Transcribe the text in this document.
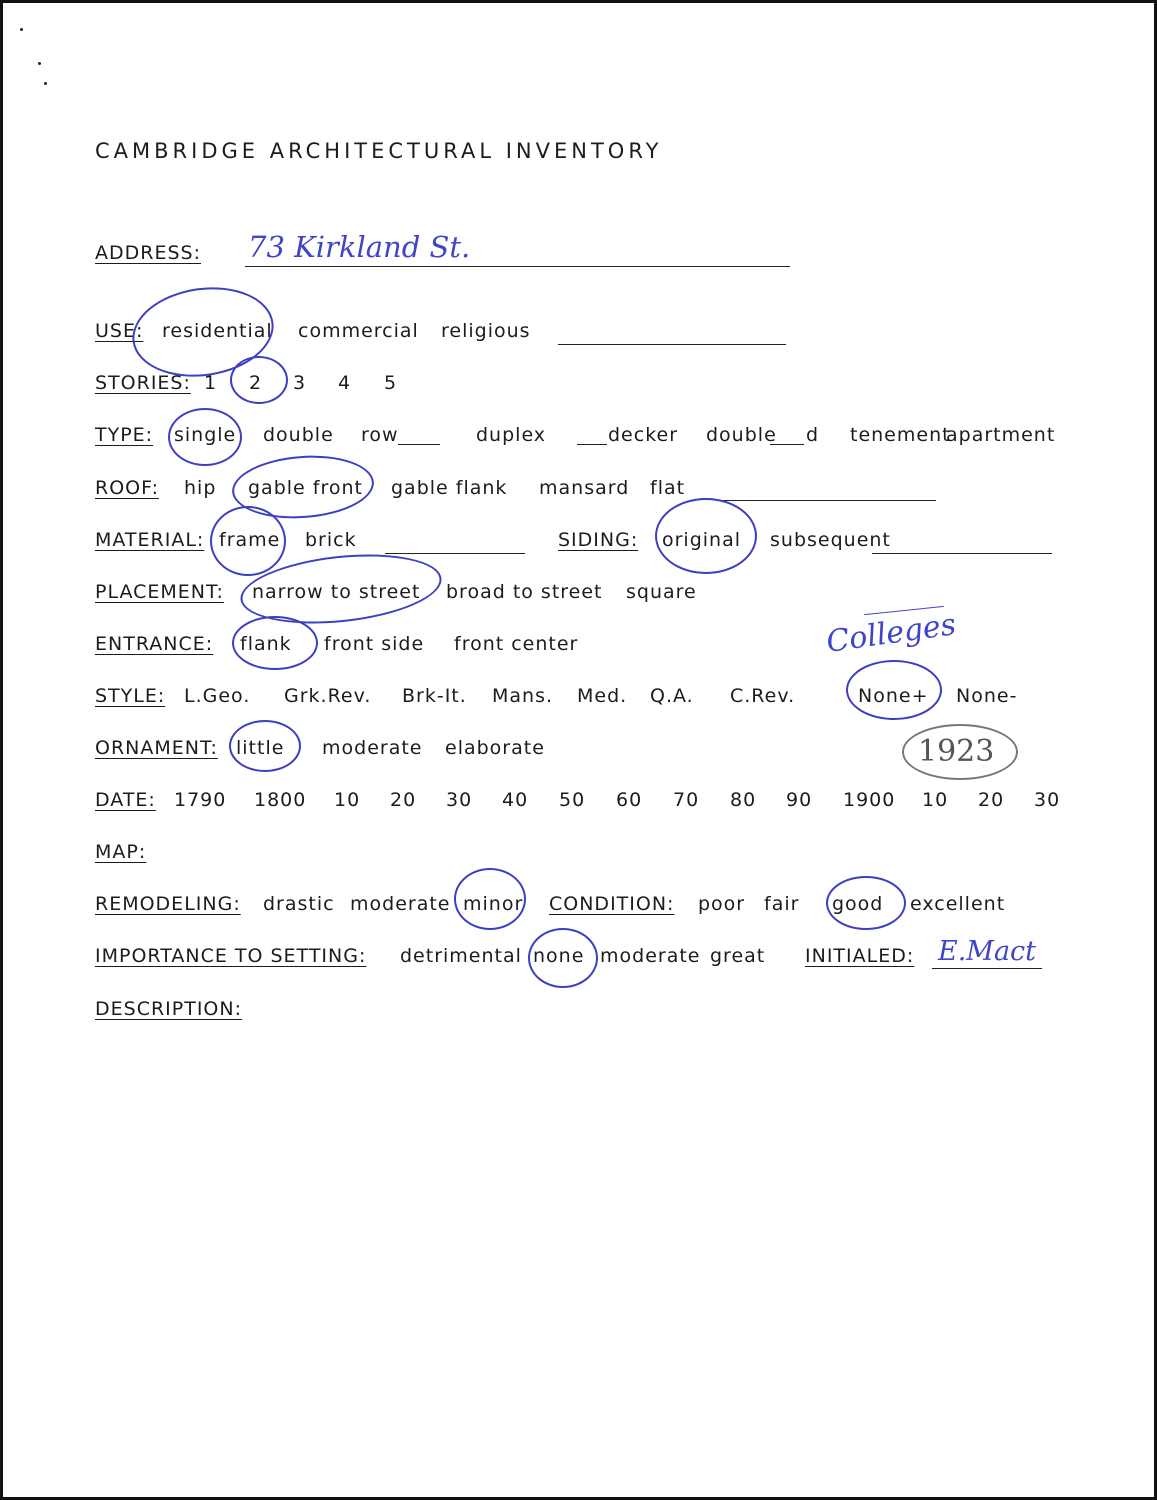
CAMBRIDGE ARCHITECTURAL INVENTORY
ADDRESS: 73 Kirkland St.
USE: residential commercial religious
STORIES: 1 2 3 4 5
TYPE: single double row	duplex	decker double d tenement
apartment
ROOF: hip gable front gable flank mansard flat
MATERIAL: frame brick	SIDING: original subsequent
PLACEMENT: narrow to street broad to street square
ENTRANCE: flank front side front center	Colleges
STYLE: L.Geo. Grk.Rev. Brk-It. Mans. Med. Q.A. C.Rev.	None+ None-
ORNAMENT: little moderate elaborate	1923
DATE: 1790 1800 10 20 30 40 50 60 70 80 90 1900 10 20 30
MAP:
REMODELING: drastic moderate minor CONDITION: poor fair good excellent
IMPORTANCE TO SETTING: detrimental none moderate great INITIALED: E.Mact
DESCRIPTION:
